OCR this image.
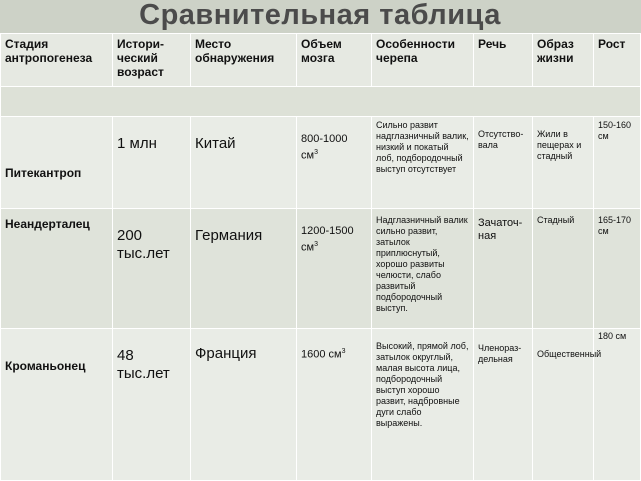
Сравнительная таблица
Стадия антропогенеза	Истори-ческий возраст	Место обнаружения	Объем мозга	Особенности черепа	Речь	Образ жизни	Рост

Питекантроп	1 млн	Китай	800-1000 $см^3$	Сильно развит надглазничный валик, низкий и покатый лоб, подбородочный выступ отсутствует	Отсутство-вала	Жили в пещерах и стадный	150-160 см
Неандерталец	200 тыс.лет	Германия	1200-1500 $см^3$	Надглазничный валик сильно развит, затылок приплюснутый, хорошо развиты челюсти, слабо развитый подбородочный выступ.	Зачаточ-ная	Стадный	165-170 см
Кроманьонец	48 тыс.лет	Франция	1600 $см^3$	Высокий, прямой лоб, затылок округлый, малая высота лица, подбородочный выступ хорошо развит, надбровные дуги слабо выражены.	Членораз-дельная	Общественный	180 см
